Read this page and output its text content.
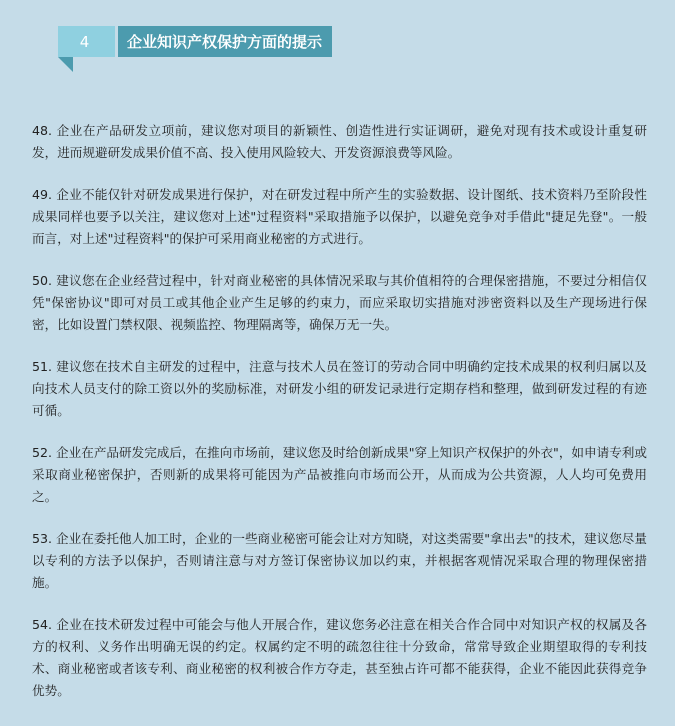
4	企业知识产权保护方面的提示

48. 企业在产品研发立项前，建议您对项目的新颖性、创造性进行实证调研，避免对现有技术或设计重复研发，进而规避研发成果价值不高、投入使用风险较大、开发资源浪费等风险。

49. 企业不能仅针对研发成果进行保护，对在研发过程中所产生的实验数据、设计图纸、技术资料乃至阶段性成果同样也要予以关注，建议您对上述"过程资料"采取措施予以保护，以避免竞争对手借此"捷足先登"。一般而言，对上述"过程资料"的保护可采用商业秘密的方式进行。

50. 建议您在企业经营过程中，针对商业秘密的具体情况采取与其价值相符的合理保密措施，不要过分相信仅凭"保密协议"即可对员工或其他企业产生足够的约束力，而应采取切实措施对涉密资料以及生产现场进行保密，比如设置门禁权限、视频监控、物理隔离等，确保万无一失。

51. 建议您在技术自主研发的过程中，注意与技术人员在签订的劳动合同中明确约定技术成果的权利归属以及向技术人员支付的除工资以外的奖励标准，对研发小组的研发记录进行定期存档和整理，做到研发过程的有迹可循。

52. 企业在产品研发完成后，在推向市场前，建议您及时给创新成果"穿上知识产权保护的外衣"，如申请专利或采取商业秘密保护，否则新的成果将可能因为产品被推向市场而公开，从而成为公共资源，人人均可免费用之。

53. 企业在委托他人加工时，企业的一些商业秘密可能会让对方知晓，对这类需要"拿出去"的技术，建议您尽量以专利的方法予以保护，否则请注意与对方签订保密协议加以约束，并根据客观情况采取合理的物理保密措施。

54. 企业在技术研发过程中可能会与他人开展合作，建议您务必注意在相关合作合同中对知识产权的权属及各方的权利、义务作出明确无误的约定。权属约定不明的疏忽往往十分致命，常常导致企业期望取得的专利技术、商业秘密或者该专利、商业秘密的权利被合作方夺走，甚至独占许可都不能获得，企业不能因此获得竞争优势。
